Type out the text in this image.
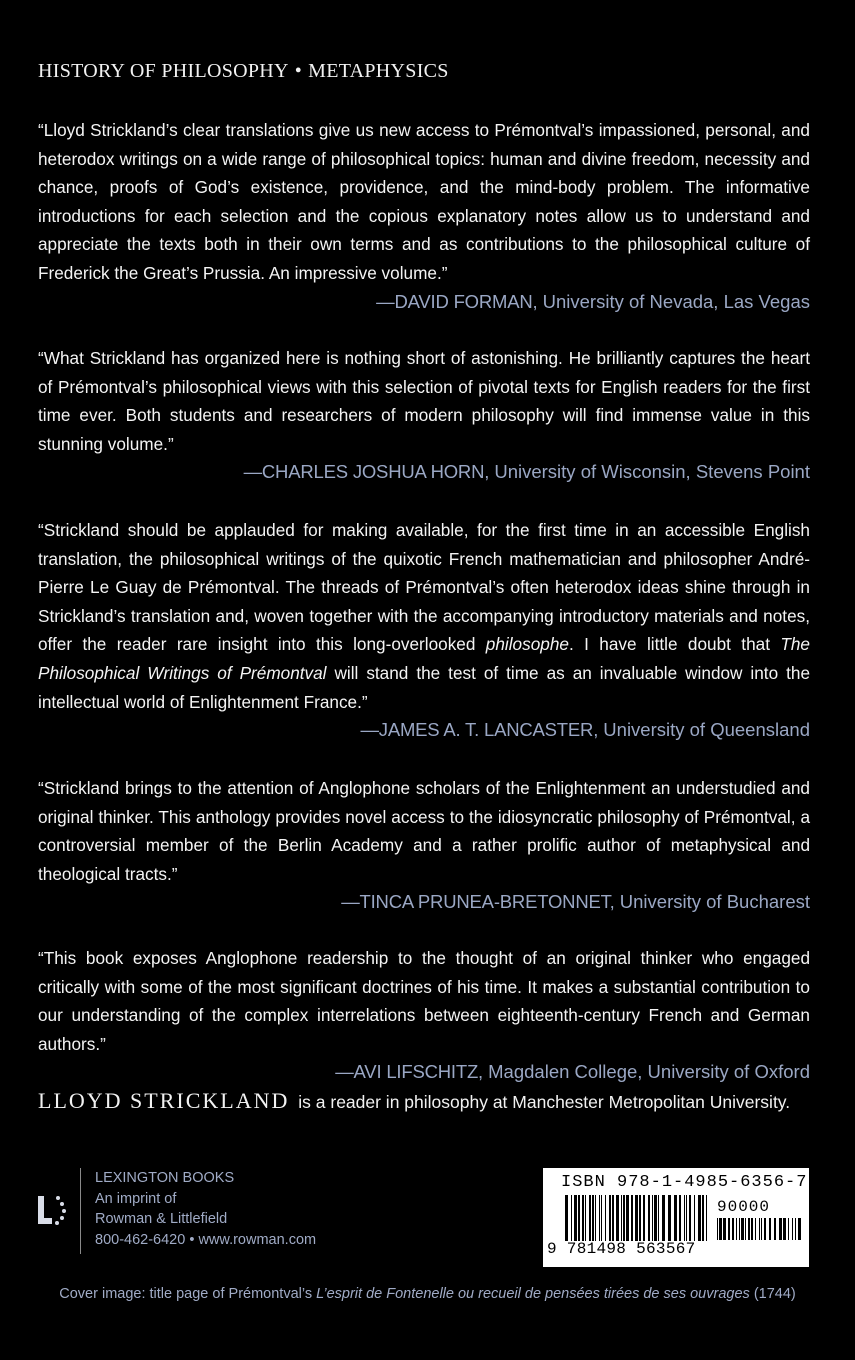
HISTORY OF PHILOSOPHY • METAPHYSICS

“Lloyd Strickland’s clear translations give us new access to Prémontval’s impassioned, personal, and heterodox writings on a wide range of philosophical topics: human and divine freedom, necessity and chance, proofs of God’s existence, providence, and the mind-body problem. The informative introductions for each selection and the copious explanatory notes allow us to understand and appreciate the texts both in their own terms and as contributions to the philosophical culture of Frederick the Great’s Prussia. An impressive volume.”

—DAVID FORMAN, University of Nevada, Las Vegas

“What Strickland has organized here is nothing short of astonishing. He brilliantly captures the heart of Prémontval’s philosophical views with this selection of pivotal texts for English readers for the first time ever. Both students and researchers of modern philosophy will find immense value in this stunning volume.”

—CHARLES JOSHUA HORN, University of Wisconsin, Stevens Point

“Strickland should be applauded for making available, for the first time in an accessible English translation, the philosophical writings of the quixotic French mathematician and philosopher André-Pierre Le Guay de Prémontval. The threads of Prémontval’s often heterodox ideas shine through in Strickland’s translation and, woven together with the accompanying introductory materials and notes, offer the reader rare insight into this long-overlooked philosophe. I have little doubt that The Philosophical Writings of Prémontval will stand the test of time as an invaluable window into the intellectual world of Enlightenment France.”

—JAMES A. T. LANCASTER, University of Queensland

“Strickland brings to the attention of Anglophone scholars of the Enlightenment an understudied and original thinker. This anthology provides novel access to the idiosyncratic philosophy of Prémontval, a controversial member of the Berlin Academy and a rather prolific author of metaphysical and theological tracts.”

—TINCA PRUNEA-BRETONNET, University of Bucharest

“This book exposes Anglophone readership to the thought of an original thinker who engaged critically with some of the most significant doctrines of his time. It makes a substantial contribution to our understanding of the complex interrelations between eighteenth-century French and German authors.”

—AVI LIFSCHITZ, Magdalen College, University of Oxford
LLOYD STRICKLAND is a reader in philosophy at Manchester Metropolitan University.
LEXINGTON BOOKS
An imprint of
Rowman & Littlefield
800-462-6420 • www.rowman.com
ISBN 978-1-4985-6356-7
90000
9 781498 563567
Cover image: title page of Prémontval’s L’esprit de Fontenelle ou recueil de pensées tirées de ses ouvrages (1744)
